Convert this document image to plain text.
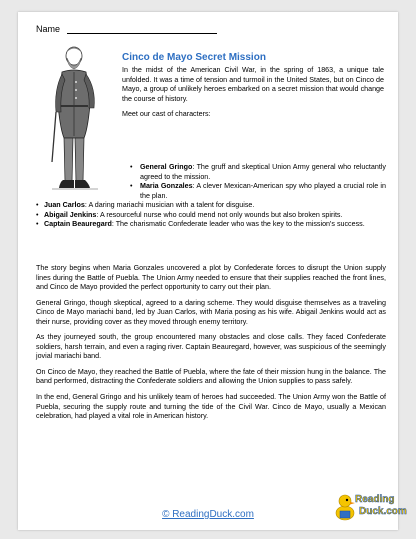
Name
Cinco de Mayo Secret Mission

In the midst of the American Civil War, in the spring of 1863, a unique tale unfolded. It was a time of tension and turmoil in the United States, but on Cinco de Mayo, a group of unlikely heroes embarked on a secret mission that would change the course of history.

Meet our cast of characters:

• General Gringo: The gruff and skeptical Union Army general who reluctantly agreed to the mission.
• Maria Gonzales: A clever Mexican-American spy who played a crucial role in the plan.
• Juan Carlos: A daring mariachi musician with a talent for disguise.
• Abigail Jenkins: A resourceful nurse who could mend not only wounds but also broken spirits.
• Captain Beauregard: The charismatic Confederate leader who was the key to the mission's success.

The story begins when Maria Gonzales uncovered a plot by Confederate forces to disrupt the Union supply lines during the Battle of Puebla. The Union Army needed to ensure that their supplies reached the front lines, and Cinco de Mayo provided the perfect opportunity to carry out their plan.

General Gringo, though skeptical, agreed to a daring scheme. They would disguise themselves as a traveling Cinco de Mayo mariachi band, led by Juan Carlos, with Maria posing as his wife. Abigail Jenkins would act as their nurse, providing cover as they moved through enemy territory.

As they journeyed south, the group encountered many obstacles and close calls. They faced Confederate soldiers, harsh terrain, and even a raging river. Captain Beauregard, however, was suspicious of the seemingly jovial mariachi band.

On Cinco de Mayo, they reached the Battle of Puebla, where the fate of their mission hung in the balance. The band performed, distracting the Confederate soldiers and allowing the Union supplies to pass safely.

In the end, General Gringo and his unlikely team of heroes had succeeded. The Union Army won the Battle of Puebla, securing the supply route and turning the tide of the Civil War. Cinco de Mayo, usually a Mexican celebration, had played a vital role in American history.

© ReadingDuck.com
Reading
Duck.com
